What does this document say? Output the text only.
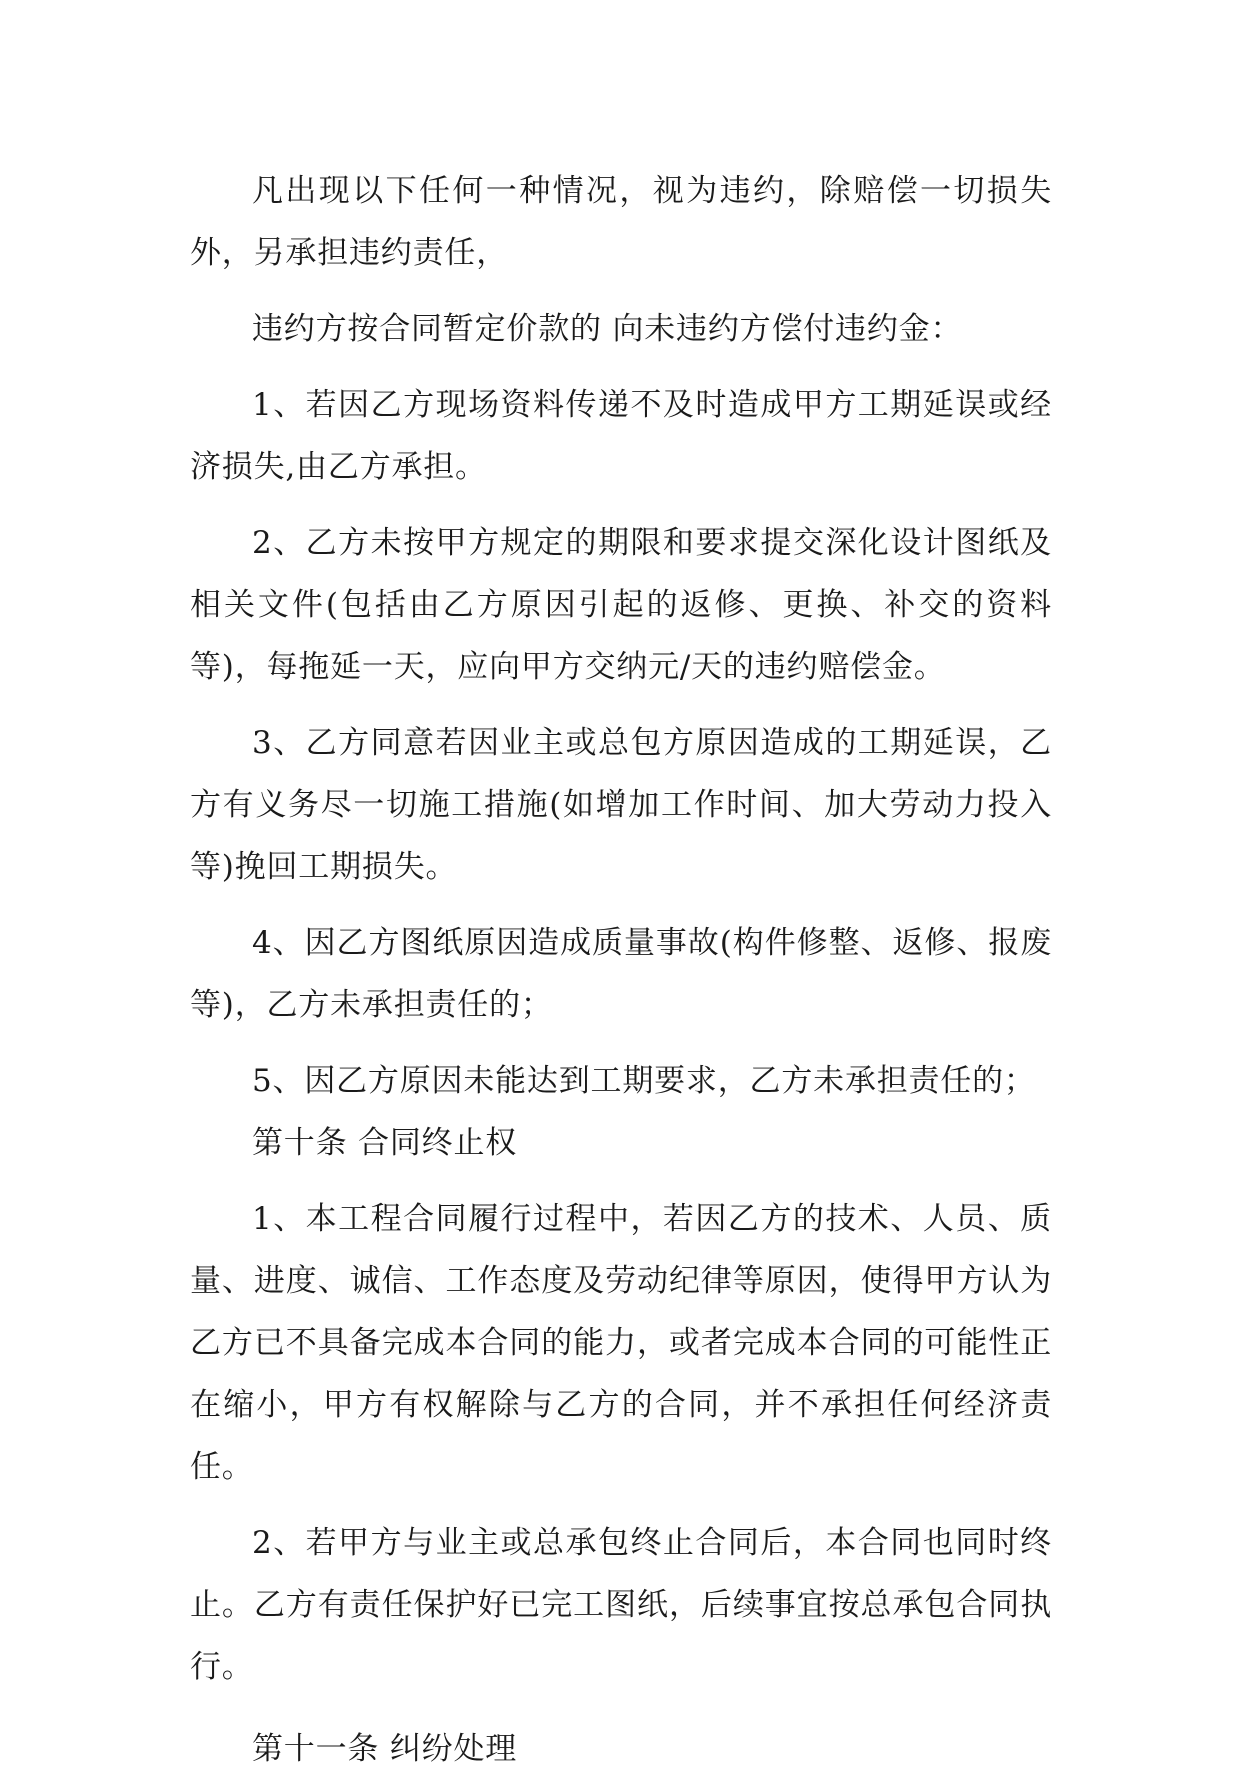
凡出现以下任何一种情况，视为违约，除赔偿一切损失外，另承担违约责任，

违约方按合同暂定价款的 向未违约方偿付违约金：

1、若因乙方现场资料传递不及时造成甲方工期延误或经济损失,由乙方承担。

2、乙方未按甲方规定的期限和要求提交深化设计图纸及相关文件(包括由乙方原因引起的返修、更换、补交的资料等)，每拖延一天，应向甲方交纳元/天的违约赔偿金。

3、乙方同意若因业主或总包方原因造成的工期延误，乙方有义务尽一切施工措施(如增加工作时间、加大劳动力投入等)挽回工期损失。

4、因乙方图纸原因造成质量事故(构件修整、返修、报废等)，乙方未承担责任的；

5、因乙方原因未能达到工期要求，乙方未承担责任的；

第十条 合同终止权

1、本工程合同履行过程中，若因乙方的技术、人员、质量、进度、诚信、工作态度及劳动纪律等原因，使得甲方认为乙方已不具备完成本合同的能力，或者完成本合同的可能性正在缩小，甲方有权解除与乙方的合同，并不承担任何经济责任。

2、若甲方与业主或总承包终止合同后，本合同也同时终止。乙方有责任保护好已完工图纸，后续事宜按总承包合同执行。

第十一条 纠纷处理
